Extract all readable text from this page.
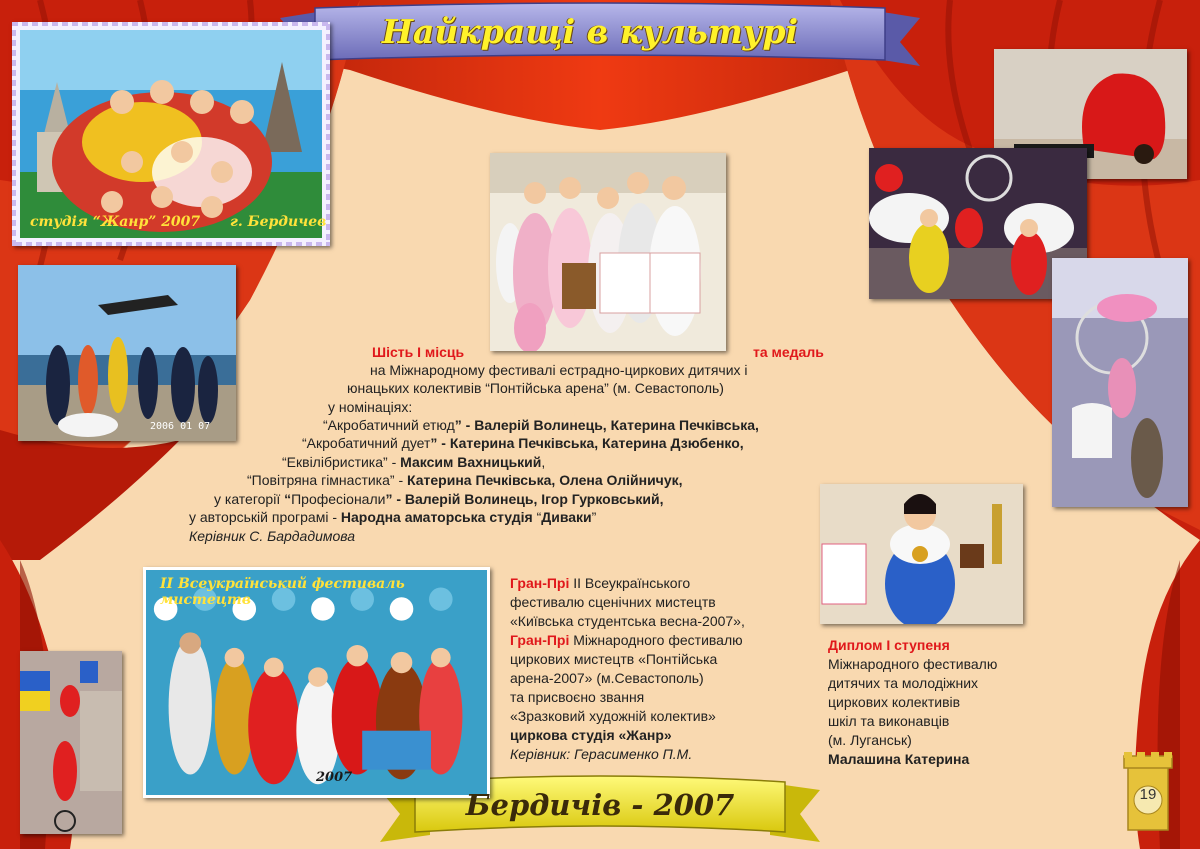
Найкращі в культурі
студія “Жанр” 2007 г. Бердичев
2006 01 07
II Всеукраїнський фестиваль мистецтв
2007
Шість І місць	та медаль
на Міжнародному фестивалі естрадно-циркових дитячих і
юнацьких колективів “Понтійська арена” (м. Севастополь)
у номінаціях:
“Акробатичний етюд” - Валерій Волинець, Катерина Печківська,
“Акробатичний дует” - Катерина Печківська, Катерина Дзюбенко,
“Еквілібристика” - Максим Вахницький,
“Повітряна гімнастика” - Катерина Печківська, Олена Олійничук,
у категорії “Професіонали” - Валерій Волинець, Ігор Гурковський,
у авторській програмі - Народна аматорська студія “Диваки”
Керівник С. Бардадимова
Гран-Прі ІІ Всеукраїнського
фестивалю сценічних мистецтв
«Київська студентська весна-2007»,
Гран-Прі Міжнародного фестивалю
циркових мистецтв «Понтійська
арена-2007» (м.Севастополь)
та присвоєно звання
«Зразковий художній колектив»
циркова студія «Жанр»
Керівник: Герасименко П.М.
Диплом І ступеня
Міжнародного фестивалю
дитячих та молодіжних
циркових колективів
шкіл та виконавців
(м. Луганськ)
Малашина Катерина
Бердичів - 2007	19
